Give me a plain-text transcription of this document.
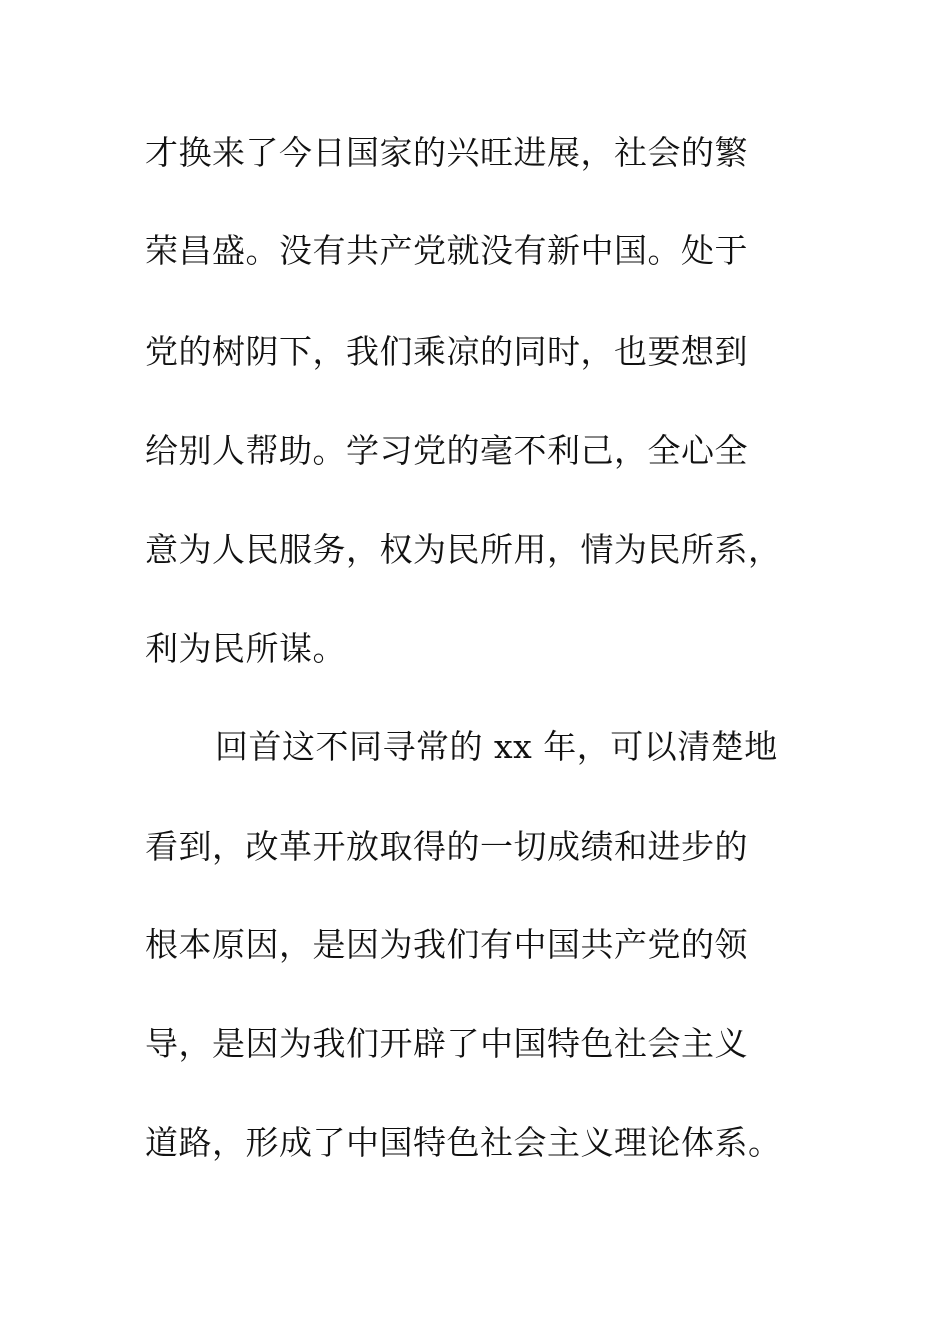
才换来了今日国家的兴旺进展，社会的繁
荣昌盛。没有共产党就没有新中国。处于
党的树阴下，我们乘凉的同时，也要想到
给别人帮助。学习党的毫不利己，全心全
意为人民服务，权为民所用，情为民所系，
利为民所谋。
回首这不同寻常的 xx 年，可以清楚地
看到，改革开放取得的一切成绩和进步的
根本原因，是因为我们有中国共产党的领
导，是因为我们开辟了中国特色社会主义
道路，形成了中国特色社会主义理论体系。
